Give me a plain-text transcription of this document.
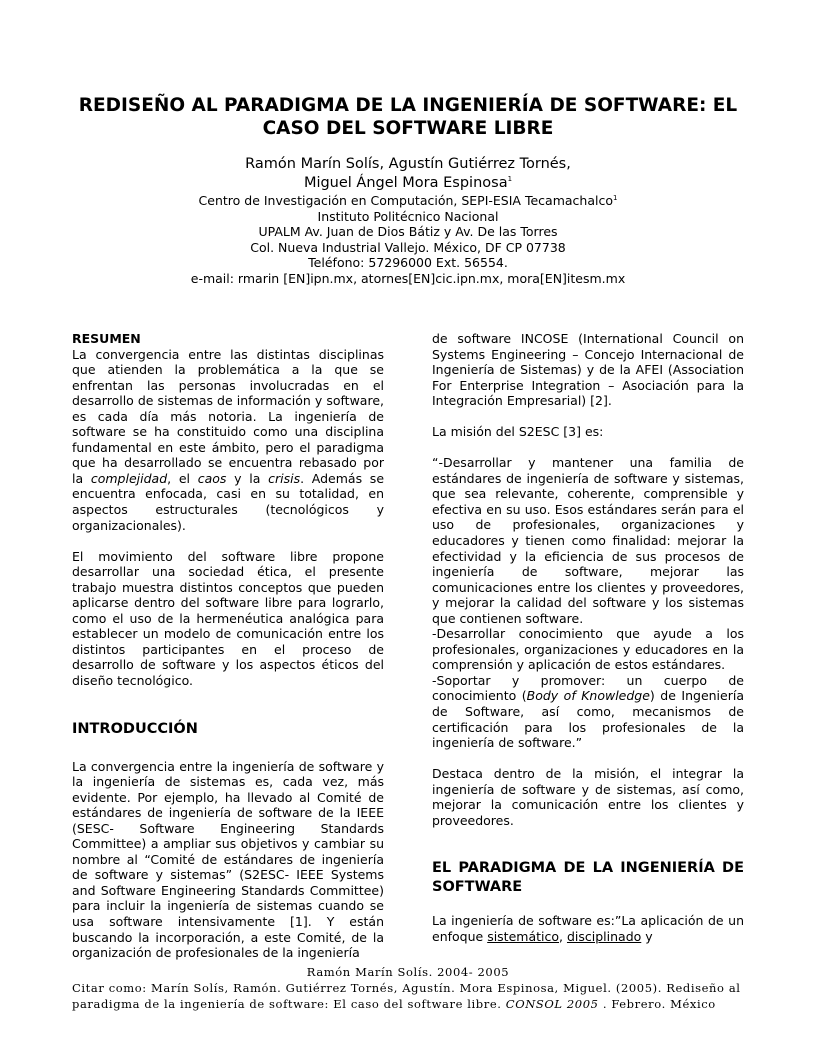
REDISEÑO AL PARADIGMA DE LA INGENIERÍA DE SOFTWARE: EL CASO DEL SOFTWARE LIBRE
Ramón Marín Solís, Agustín Gutiérrez Tornés,
Miguel Ángel Mora Espinosa$^1$
Centro de Investigación en Computación, SEPI-ESIA Tecamachalco$^1$
Instituto Politécnico Nacional
UPALM Av. Juan de Dios Bátiz y Av. De las Torres
Col. Nueva Industrial Vallejo. México, DF CP 07738
Teléfono: 57296000 Ext. 56554.
e-mail: rmarin [EN]ipn.mx, atornes[EN]cic.ipn.mx, mora[EN]itesm.mx
RESUMEN

La convergencia entre las distintas disciplinas que atienden la problemática a la que se enfrentan las personas involucradas en el desarrollo de sistemas de información y software, es cada día más notoria. La ingeniería de software se ha constituido como una disciplina fundamental en este ámbito, pero el paradigma que ha desarrollado se encuentra rebasado por la complejidad, el caos y la crisis. Además se encuentra enfocada, casi en su totalidad, en aspectos estructurales (tecnológicos y organizacionales).

El movimiento del software libre propone desarrollar una sociedad ética, el presente trabajo muestra distintos conceptos que pueden aplicarse dentro del software libre para lograrlo, como el uso de la hermenéutica analógica para establecer un modelo de comunicación entre los distintos participantes en el proceso de desarrollo de software y los aspectos éticos del diseño tecnológico.

INTRODUCCIÓN

La convergencia entre la ingeniería de software y la ingeniería de sistemas es, cada vez, más evidente. Por ejemplo, ha llevado al Comité de estándares de ingeniería de software de la IEEE (SESC- Software Engineering Standards Committee) a ampliar sus objetivos y cambiar su nombre al “Comité de estándares de ingeniería de software y sistemas” (S2ESC- IEEE Systems and Software Engineering Standards Committee) para incluir la ingeniería de sistemas cuando se usa software intensivamente [1]. Y están buscando la incorporación, a este Comité, de la organización de profesionales de la ingeniería

de software INCOSE (International Council on Systems Engineering – Concejo Internacional de Ingeniería de Sistemas) y de la AFEI (Association For Enterprise Integration – Asociación para la Integración Empresarial) [2].

La misión del S2ESC [3] es:

“-Desarrollar y mantener una familia de estándares de ingeniería de software y sistemas, que sea relevante, coherente, comprensible y efectiva en su uso. Esos estándares serán para el uso de profesionales, organizaciones y educadores y tienen como finalidad: mejorar la efectividad y la eficiencia de sus procesos de ingeniería de software, mejorar las comunicaciones entre los clientes y proveedores, y mejorar la calidad del software y los sistemas que contienen software.

-Desarrollar conocimiento que ayude a los profesionales, organizaciones y educadores en la comprensión y aplicación de estos estándares.

-Soportar y promover: un cuerpo de conocimiento (Body of Knowledge) de Ingeniería de Software, así como, mecanismos de certificación para los profesionales de la ingeniería de software.”

Destaca dentro de la misión, el integrar la ingeniería de software y de sistemas, así como, mejorar la comunicación entre los clientes y proveedores.

EL PARADIGMA DE LA INGENIERÍA DE SOFTWARE

La ingeniería de software es:”La aplicación de un enfoque sistemático, disciplinado y

Ramón Marín Solís. 2004- 2005
Citar como: Marín Solís, Ramón. Gutiérrez Tornés, Agustín. Mora Espinosa, Miguel. (2005). Rediseño al paradigma de la ingeniería de software: El caso del software libre. CONSOL 2005 . Febrero. México
